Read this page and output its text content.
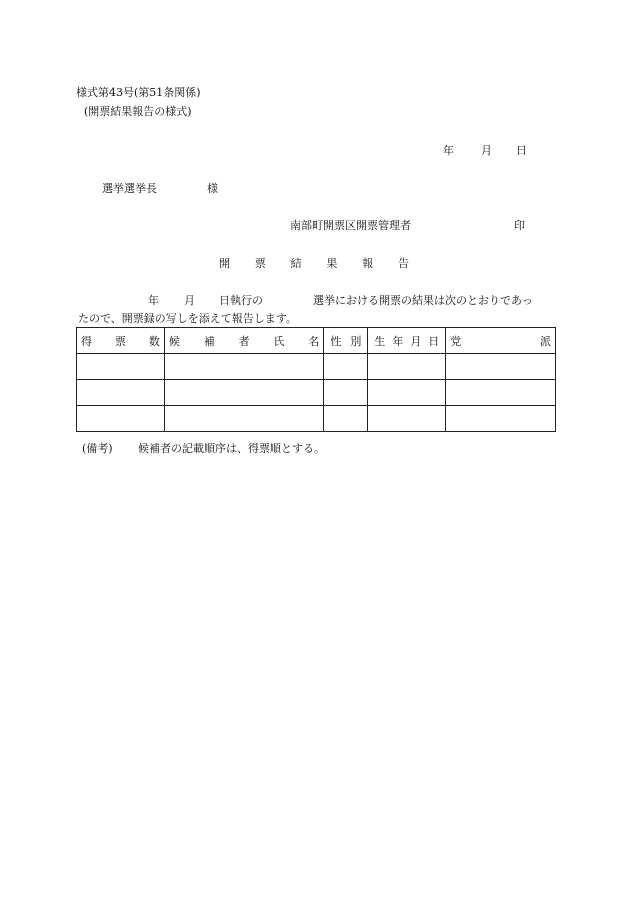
様式第43号(第51条関係)
(開票結果報告の様式)
年 月 日
選挙選挙長	様
南部町開票区開票管理者	印
開 票 結 果 報 告
年 月 日執行の	選挙における開票の結果は次のとおりであっ
たので、開票録の写しを添えて報告します。
得 票 数	候 補 者 氏 名	性 別	生 年 月 日	党 派

(備考) 候補者の記載順序は、得票順とする。
